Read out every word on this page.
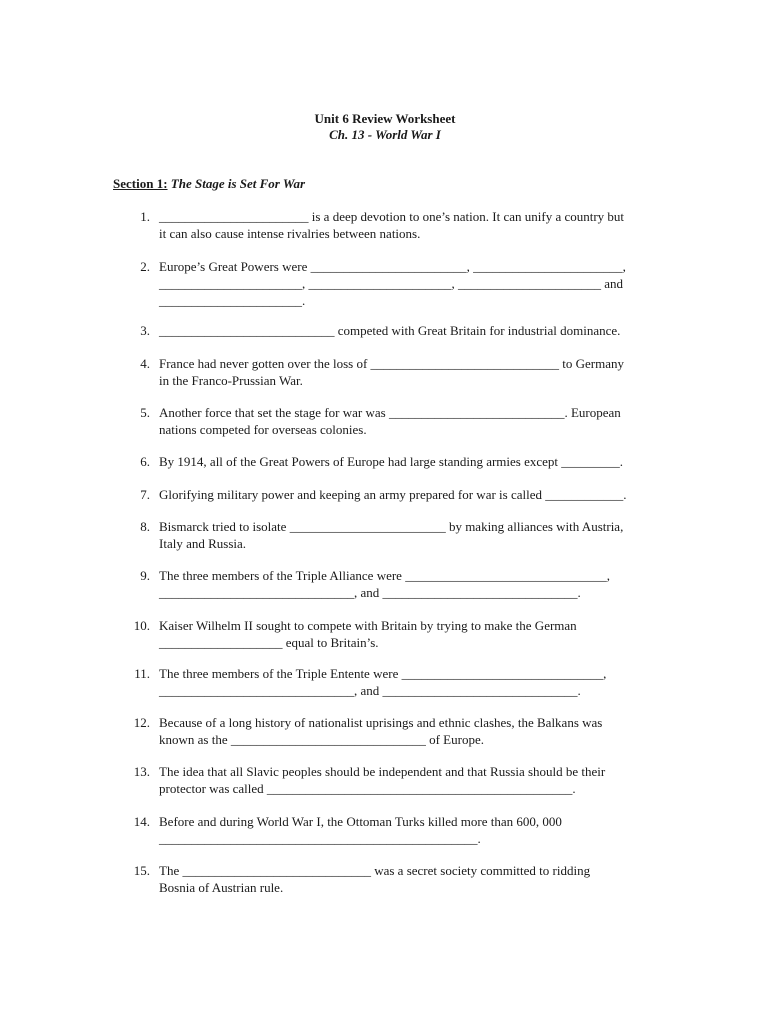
Unit 6 Review Worksheet
Ch. 13 - World War I
Section 1: The Stage is Set For War
1. _______________________ is a deep devotion to one’s nation. It can unify a country but
it can also cause intense rivalries between nations.
2. Europe’s Great Powers were ________________________, _______________________,
______________________, ______________________, ______________________ and
______________________.
3. ___________________________ competed with Great Britain for industrial dominance.
4. France had never gotten over the loss of _____________________________ to Germany
in the Franco-Prussian War.
5. Another force that set the stage for war was ___________________________. European
nations competed for overseas colonies.
6. By 1914, all of the Great Powers of Europe had large standing armies except _________.
7. Glorifying military power and keeping an army prepared for war is called ____________.
8. Bismarck tried to isolate ________________________ by making alliances with Austria,
Italy and Russia.
9. The three members of the Triple Alliance were _______________________________,
______________________________, and ______________________________.
10. Kaiser Wilhelm II sought to compete with Britain by trying to make the German
___________________ equal to Britain’s.
11. The three members of the Triple Entente were _______________________________,
______________________________, and ______________________________.
12. Because of a long history of nationalist uprisings and ethnic clashes, the Balkans was
known as the ______________________________ of Europe.
13. The idea that all Slavic peoples should be independent and that Russia should be their
protector was called _______________________________________________.
14. Before and during World War I, the Ottoman Turks killed more than 600, 000
_________________________________________________.
15. The _____________________________ was a secret society committed to ridding
Bosnia of Austrian rule.
